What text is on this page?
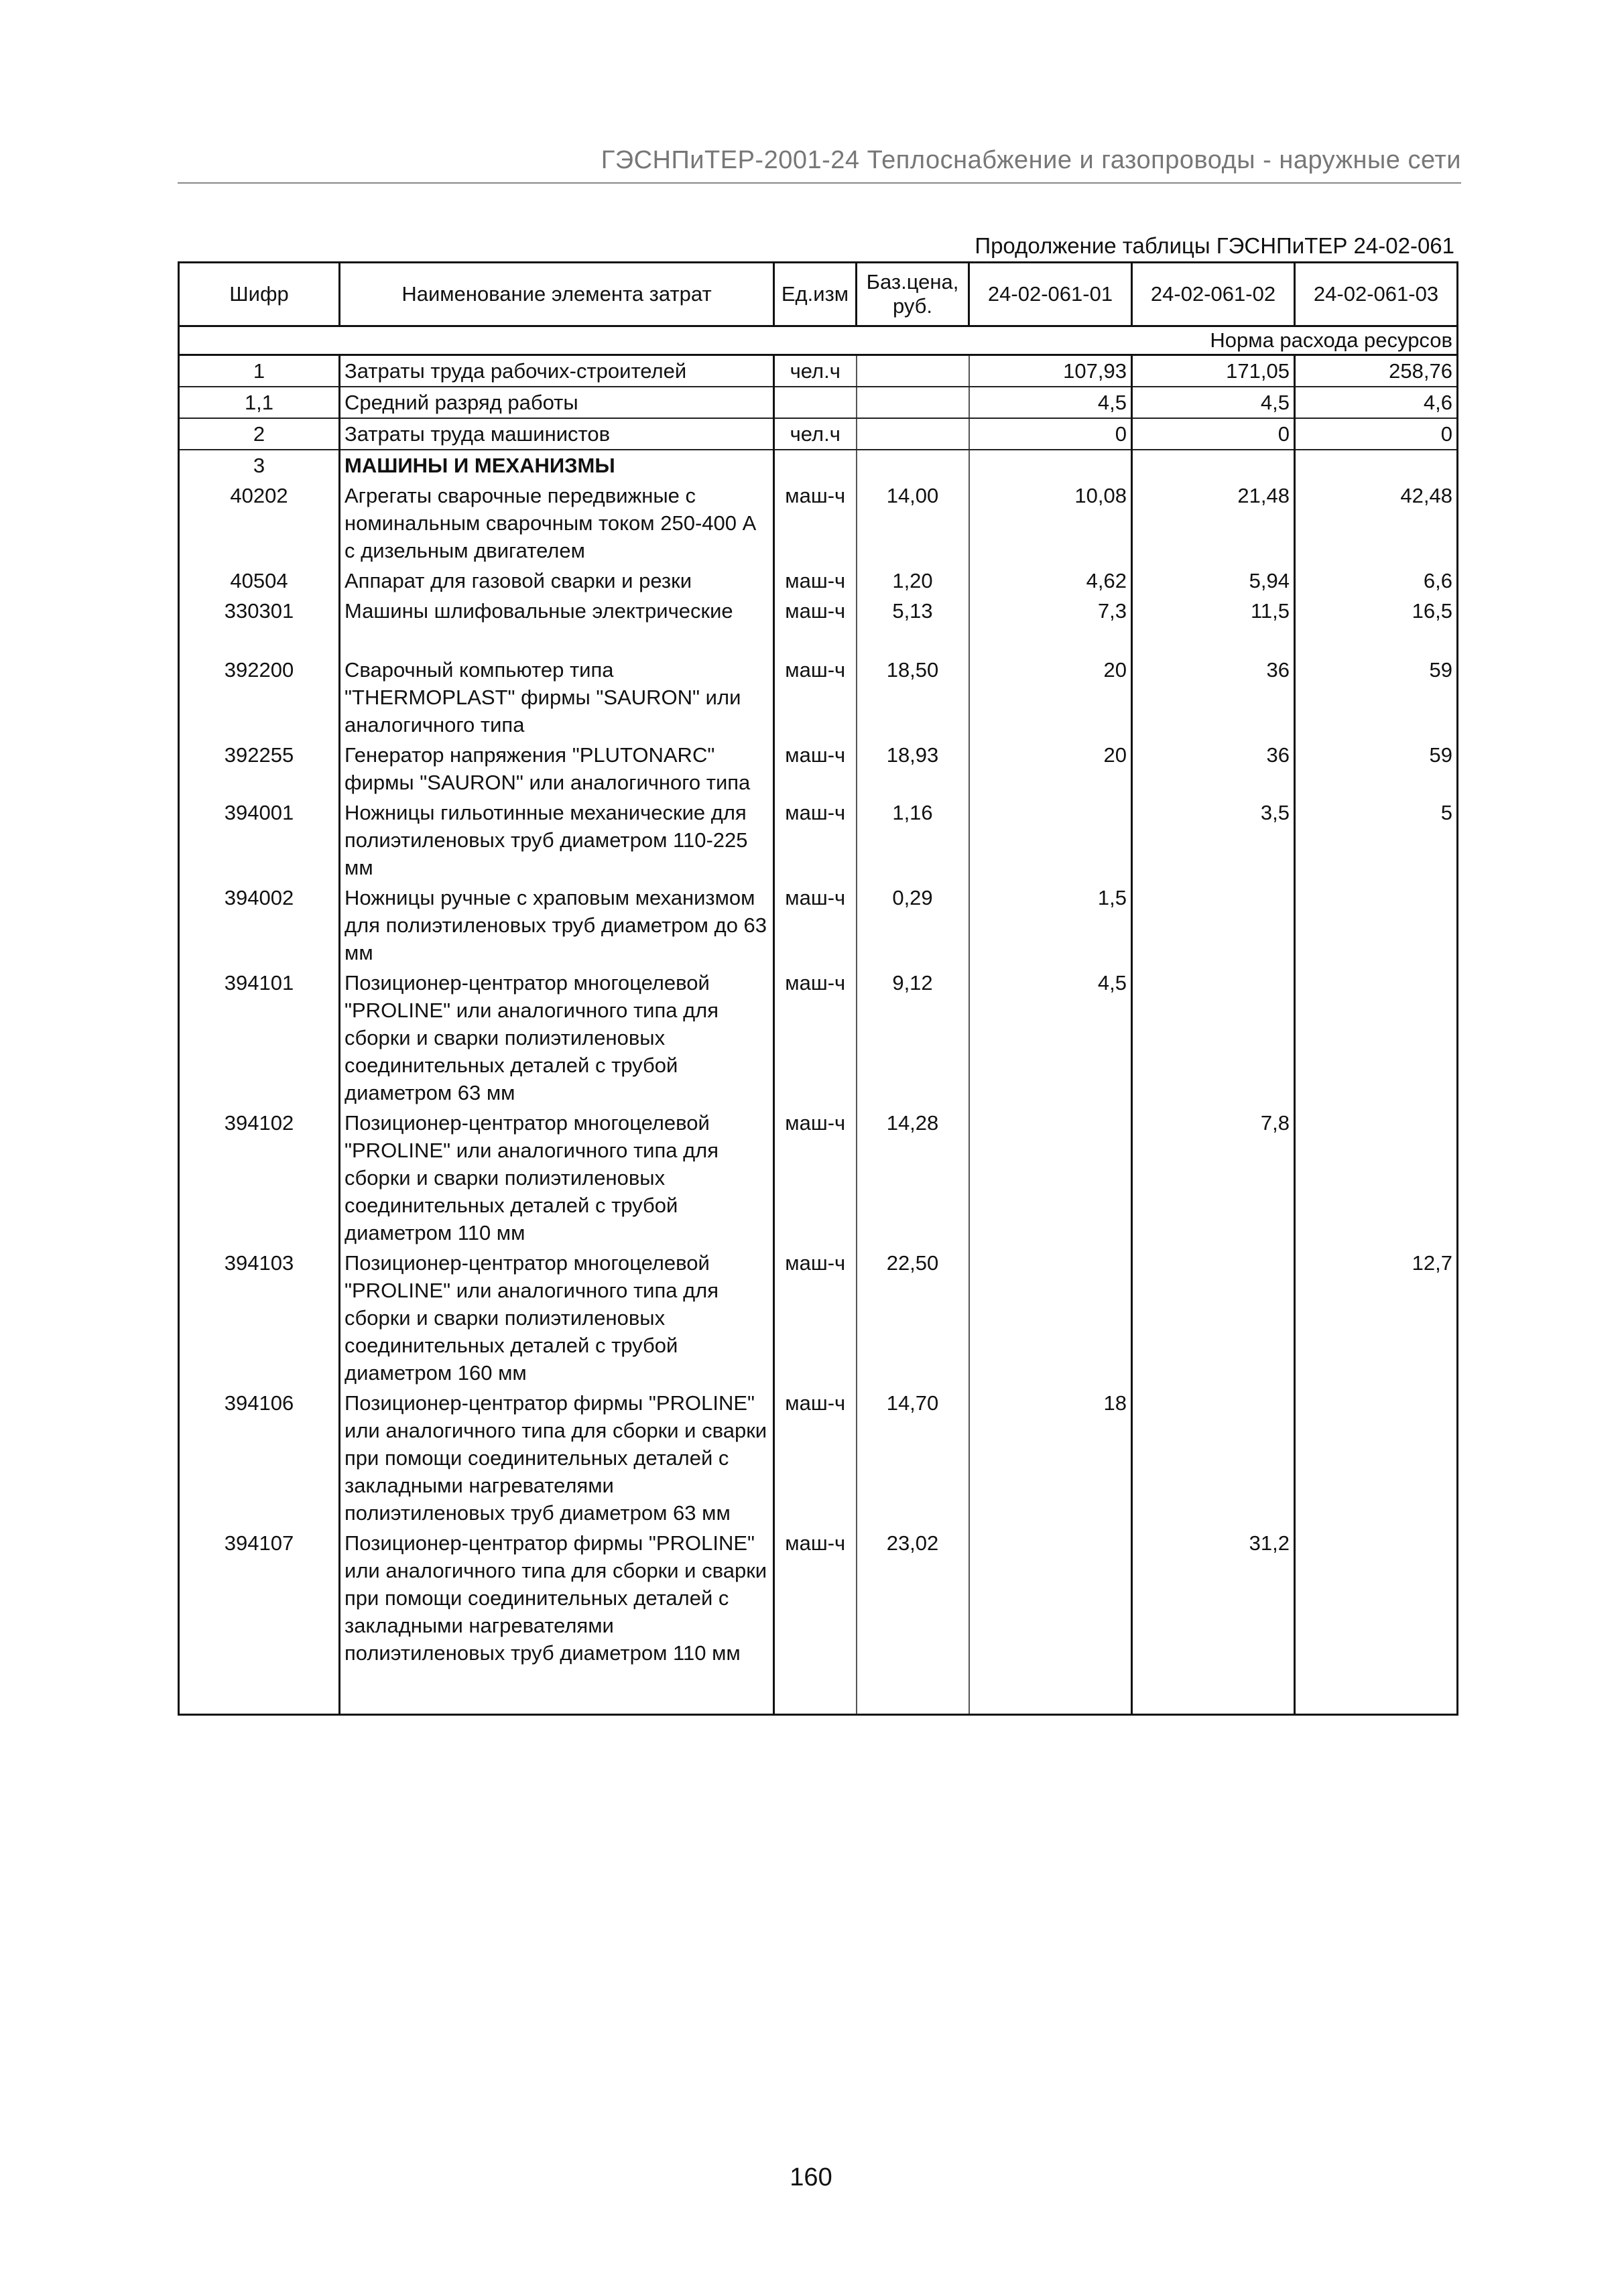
ГЭСНПиТЕР-2001-24 Теплоснабжение и газопроводы - наружные сети
Продолжение таблицы ГЭСНПиТЕР 24-02-061
Шифр	Наименование элемента затрат	Ед.изм	Баз.цена, руб.	24-02-061-01	24-02-061-02	24-02-061-03
Норма расхода ресурсов						
1	Затраты труда рабочих-строителей	чел.ч		107,93	171,05	258,76
1,1	Средний разряд работы			4,5	4,5	4,6
2	Затраты труда машинистов	чел.ч		0	0	0
3	МАШИНЫ И МЕХАНИЗМЫ					
40202	Агрегаты сварочные передвижные с номинальным сварочным током 250-400 А с дизельным двигателем	маш-ч	14,00	10,08	21,48	42,48
40504	Аппарат для газовой сварки и резки	маш-ч	1,20	4,62	5,94	6,6
330301	Машины шлифовальные электрические	маш-ч	5,13	7,3	11,5	16,5
392200	Сварочный компьютер типа "THERMOPLAST" фирмы "SAURON" или аналогичного типа	маш-ч	18,50	20	36	59
392255	Генератор напряжения "PLUTONARC" фирмы "SAURON" или аналогичного типа	маш-ч	18,93	20	36	59
394001	Ножницы гильотинные механические для полиэтиленовых труб диаметром 110-225 мм	маш-ч	1,16		3,5	5
394002	Ножницы ручные с храповым механизмом для полиэтиленовых труб диаметром до 63 мм	маш-ч	0,29	1,5		
394101	Позиционер-центратор многоцелевой "PROLINE" или аналогичного типа для сборки и сварки полиэтиленовых соединительных деталей с трубой диаметром 63 мм	маш-ч	9,12	4,5		
394102	Позиционер-центратор многоцелевой "PROLINE" или аналогичного типа для сборки и сварки полиэтиленовых соединительных деталей с трубой диаметром 110 мм	маш-ч	14,28		7,8	
394103	Позиционер-центратор многоцелевой "PROLINE" или аналогичного типа для сборки и сварки полиэтиленовых соединительных деталей с трубой диаметром 160 мм	маш-ч	22,50			12,7
394106	Позиционер-центратор фирмы "PROLINE" или аналогичного типа для сборки и сварки при помощи соединительных деталей с закладными нагревателями полиэтиленовых труб диаметром 63 мм	маш-ч	14,70	18		
394107	Позиционер-центратор фирмы "PROLINE" или аналогичного типа для сборки и сварки при помощи соединительных деталей с закладными нагревателями полиэтиленовых труб диаметром 110 мм	маш-ч	23,02		31,2	
160
